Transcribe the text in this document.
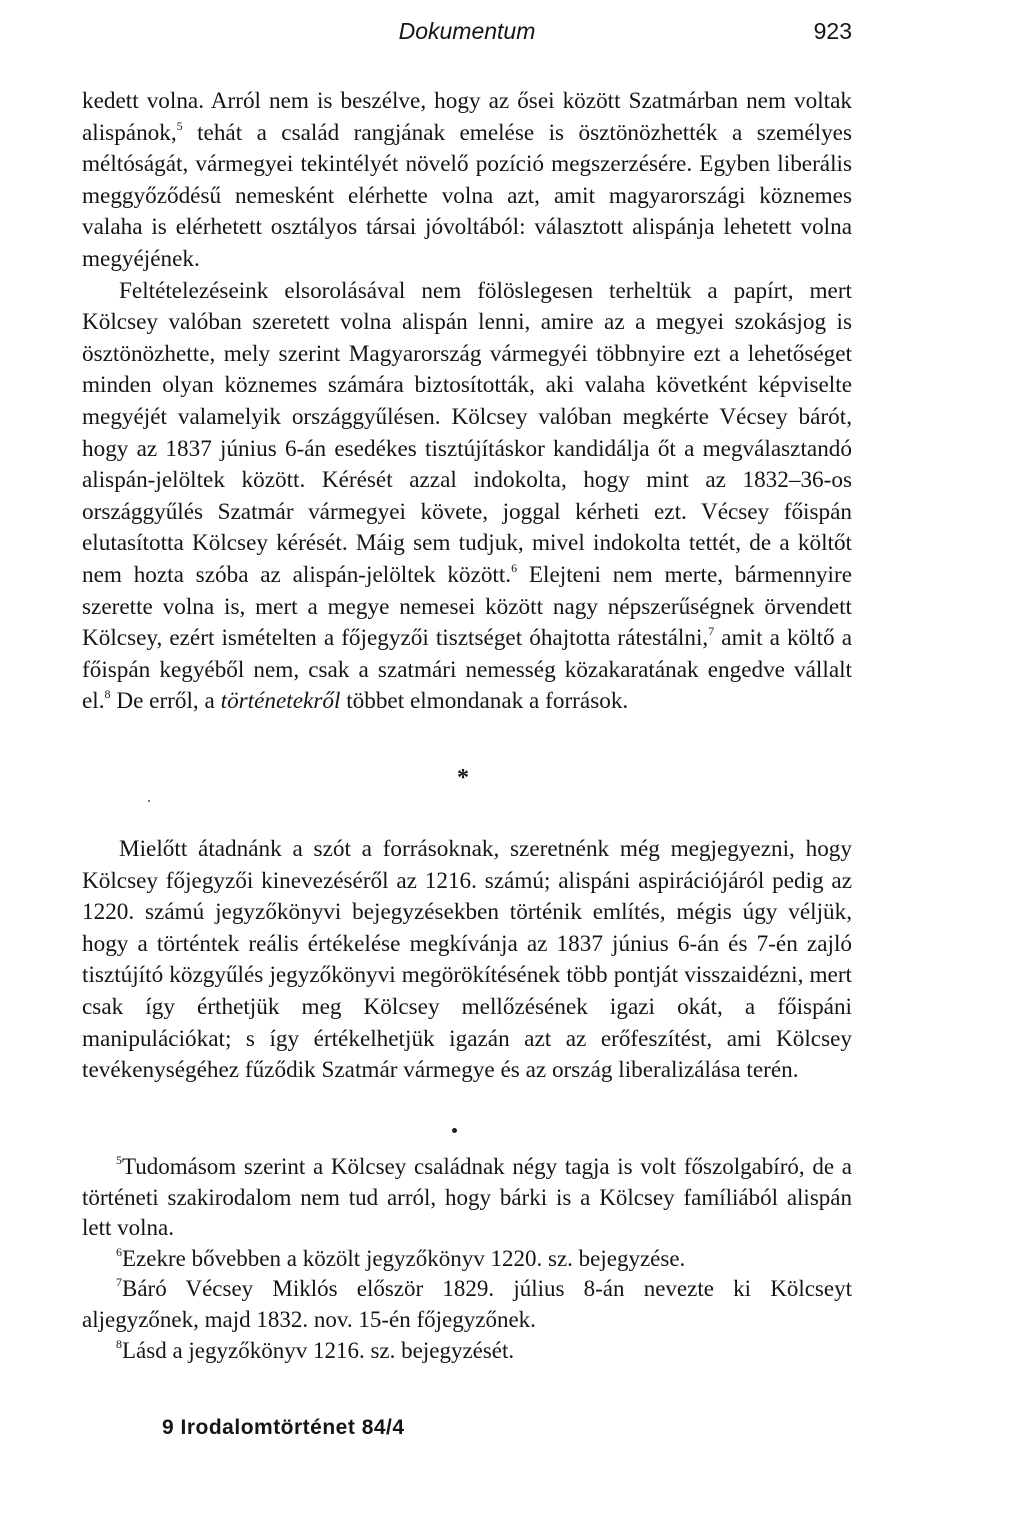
Dokumentum	923

kedett volna. Arról nem is beszélve, hogy az ősei között Szatmárban nem voltak alispánok,$^5$ tehát a család rangjának emelése is ösztönözhették a személyes méltóságát, vármegyei tekintélyét növelő pozíció megszerzésére. Egyben liberális meggyőződésű nemesként elérhette volna azt, amit magyarországi köznemes valaha is elérhetett osztályos társai jóvoltából: választott alispánja lehetett volna megyéjének.

Feltételezéseink elsorolásával nem fölöslegesen terheltük a papírt, mert Kölcsey valóban szeretett volna alispán lenni, amire az a megyei szokásjog is ösztönözhette, mely szerint Magyarország vármegyéi többnyire ezt a lehetőséget minden olyan köznemes számára biztosították, aki valaha követként képviselte megyéjét valamelyik országgyűlésen. Kölcsey valóban megkérte Vécsey bárót, hogy az 1837 június 6-án esedékes tisztújításkor kandidálja őt a megválasztandó alispán-jelöltek között. Kérését azzal indokolta, hogy mint az 1832–36-os országgyűlés Szatmár vármegyei követe, joggal kérheti ezt. Vécsey főispán elutasította Kölcsey kérését. Máig sem tudjuk, mivel indokolta tettét, de a költőt nem hozta szóba az alispán-jelöltek között.$^6$ Elejteni nem merte, bármennyire szerette volna is, mert a megye nemesei között nagy népszerűségnek örvendett Kölcsey, ezért ismételten a főjegyzői tisztséget óhajtotta rátestálni,$^7$ amit a költő a főispán kegyéből nem, csak a szatmári nemesség közakaratának engedve vállalt el.$^8$ De erről, a történetekről többet elmondanak a források.

*

Mielőtt átadnánk a szót a forrásoknak, szeretnénk még megjegyezni, hogy Kölcsey főjegyzői kinevezéséről az 1216. számú; alispáni aspirációjáról pedig az 1220. számú jegyzőkönyvi bejegyzésekben történik említés, mégis úgy véljük, hogy a történtek reális értékelése megkívánja az 1837 június 6-án és 7-én zajló tisztújító közgyűlés jegyzőkönyvi megörökítésének több pontját visszaidézni, mert csak így érthetjük meg Kölcsey mellőzésének igazi okát, a főispáni manipulációkat; s így értékelhetjük igazán azt az erőfeszítést, ami Kölcsey tevékenységéhez fűződik Szatmár vármegye és az ország liberalizálása terén.

$^5$Tudomásom szerint a Kölcsey családnak négy tagja is volt főszolgabíró, de a történeti szakirodalom nem tud arról, hogy bárki is a Kölcsey famíliából alispán lett volna.

$^6$Ezekre bővebben a közölt jegyzőkönyv 1220. sz. bejegyzése.

$^7$Báró Vécsey Miklós először 1829. július 8-án nevezte ki Kölcseyt aljegyzőnek, majd 1832. nov. 15-én főjegyzőnek.

$^8$Lásd a jegyzőkönyv 1216. sz. bejegyzését.

9 Irodalomtörténet 84/4
